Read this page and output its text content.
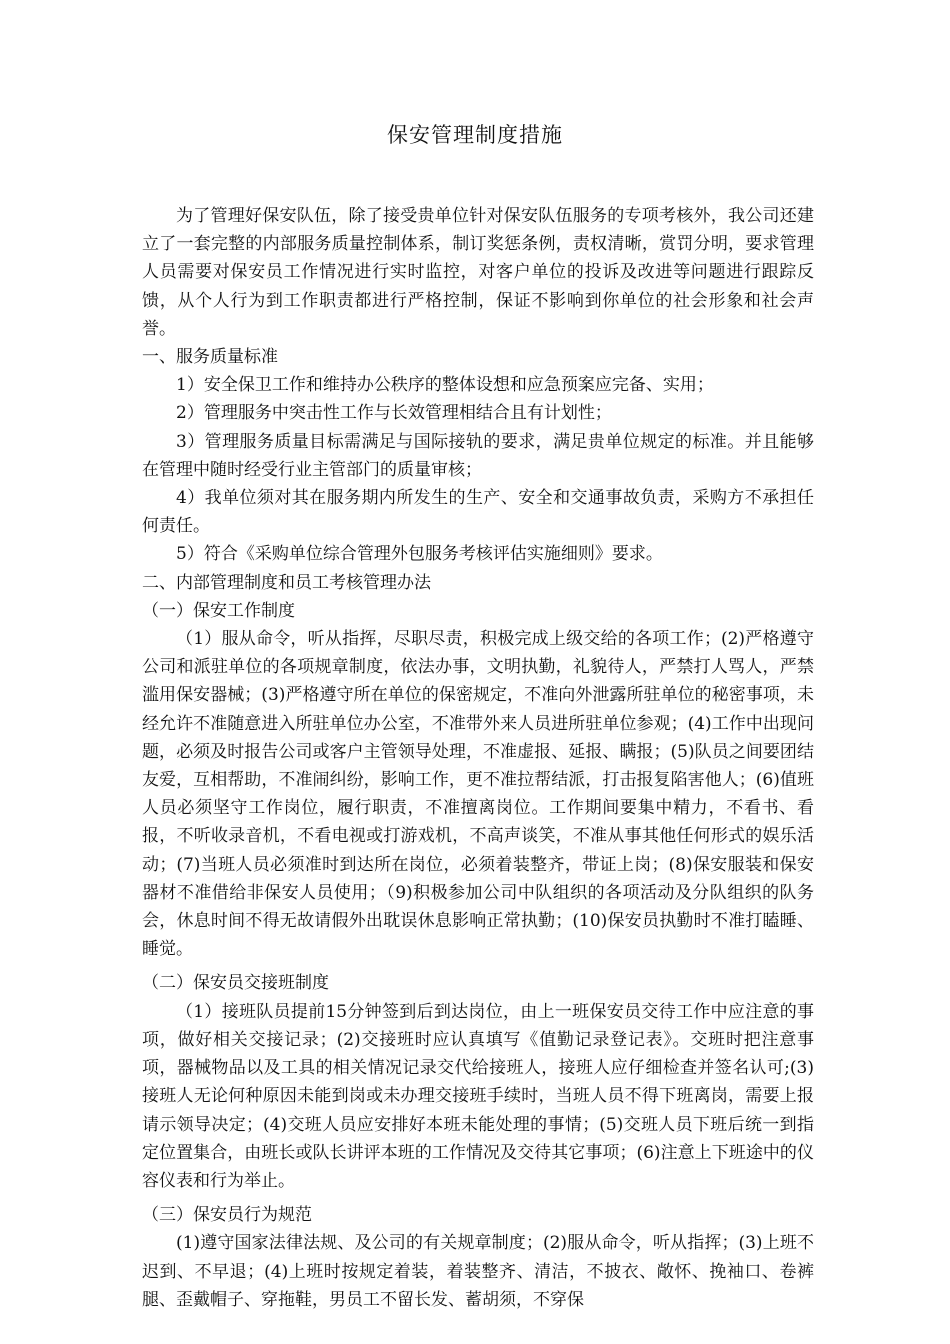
保安管理制度措施

为了管理好保安队伍，除了接受贵单位针对保安队伍服务的专项考核外，我公司还建立了一套完整的内部服务质量控制体系，制订奖惩条例，责权清晰，赏罚分明，要求管理人员需要对保安员工作情况进行实时监控，对客户单位的投诉及改进等问题进行跟踪反馈，从个人行为到工作职责都进行严格控制，保证不影响到你单位的社会形象和社会声誉。

一、服务质量标准

1）安全保卫工作和维持办公秩序的整体设想和应急预案应完备、实用；

2）管理服务中突击性工作与长效管理相结合且有计划性；

3）管理服务质量目标需满足与国际接轨的要求，满足贵单位规定的标准。并且能够在管理中随时经受行业主管部门的质量审核；

4）我单位须对其在服务期内所发生的生产、安全和交通事故负责，采购方不承担任何责任。

5）符合《采购单位综合管理外包服务考核评估实施细则》要求。

二、内部管理制度和员工考核管理办法

（一）保安工作制度

（1）服从命令，听从指挥，尽职尽责，积极完成上级交给的各项工作；(2)严格遵守公司和派驻单位的各项规章制度，依法办事，文明执勤，礼貌待人，严禁打人骂人，严禁滥用保安器械；(3)严格遵守所在单位的保密规定，不准向外泄露所驻单位的秘密事项，未经允许不准随意进入所驻单位办公室，不准带外来人员进所驻单位参观；(4)工作中出现问题，必须及时报告公司或客户主管领导处理，不准虚报、延报、瞒报；(5)队员之间要团结友爱，互相帮助，不准闹纠纷，影响工作，更不准拉帮结派，打击报复陷害他人；(6)值班人员必须坚守工作岗位，履行职责，不准擅离岗位。工作期间要集中精力，不看书、看报，不听收录音机，不看电视或打游戏机，不高声谈笑，不准从事其他任何形式的娱乐活动；(7)当班人员必须准时到达所在岗位，必须着装整齐，带证上岗；(8)保安服装和保安器材不准借给非保安人员使用；（9)积极参加公司中队组织的各项活动及分队组织的队务会，休息时间不得无故请假外出耽误休息影响正常执勤；(10)保安员执勤时不准打瞌睡、睡觉。

（二）保安员交接班制度

（1）接班队员提前15分钟签到后到达岗位，由上一班保安员交待工作中应注意的事项，做好相关交接记录；(2)交接班时应认真填写《值勤记录登记表》。交班时把注意事项，器械物品以及工具的相关情况记录交代给接班人，接班人应仔细检查并签名认可;(3)接班人无论何种原因未能到岗或未办理交接班手续时，当班人员不得下班离岗，需要上报请示领导决定；(4)交班人员应安排好本班未能处理的事情；(5)交班人员下班后统一到指定位置集合，由班长或队长讲评本班的工作情况及交待其它事项；(6)注意上下班途中的仪容仪表和行为举止。

（三）保安员行为规范

(1)遵守国家法律法规、及公司的有关规章制度；(2)服从命令，听从指挥；(3)上班不迟到、不早退；(4)上班时按规定着装，着装整齐、清洁，不披衣、敞怀、挽袖口、卷裤腿、歪戴帽子、穿拖鞋，男员工不留长发、蓄胡须，不穿保
